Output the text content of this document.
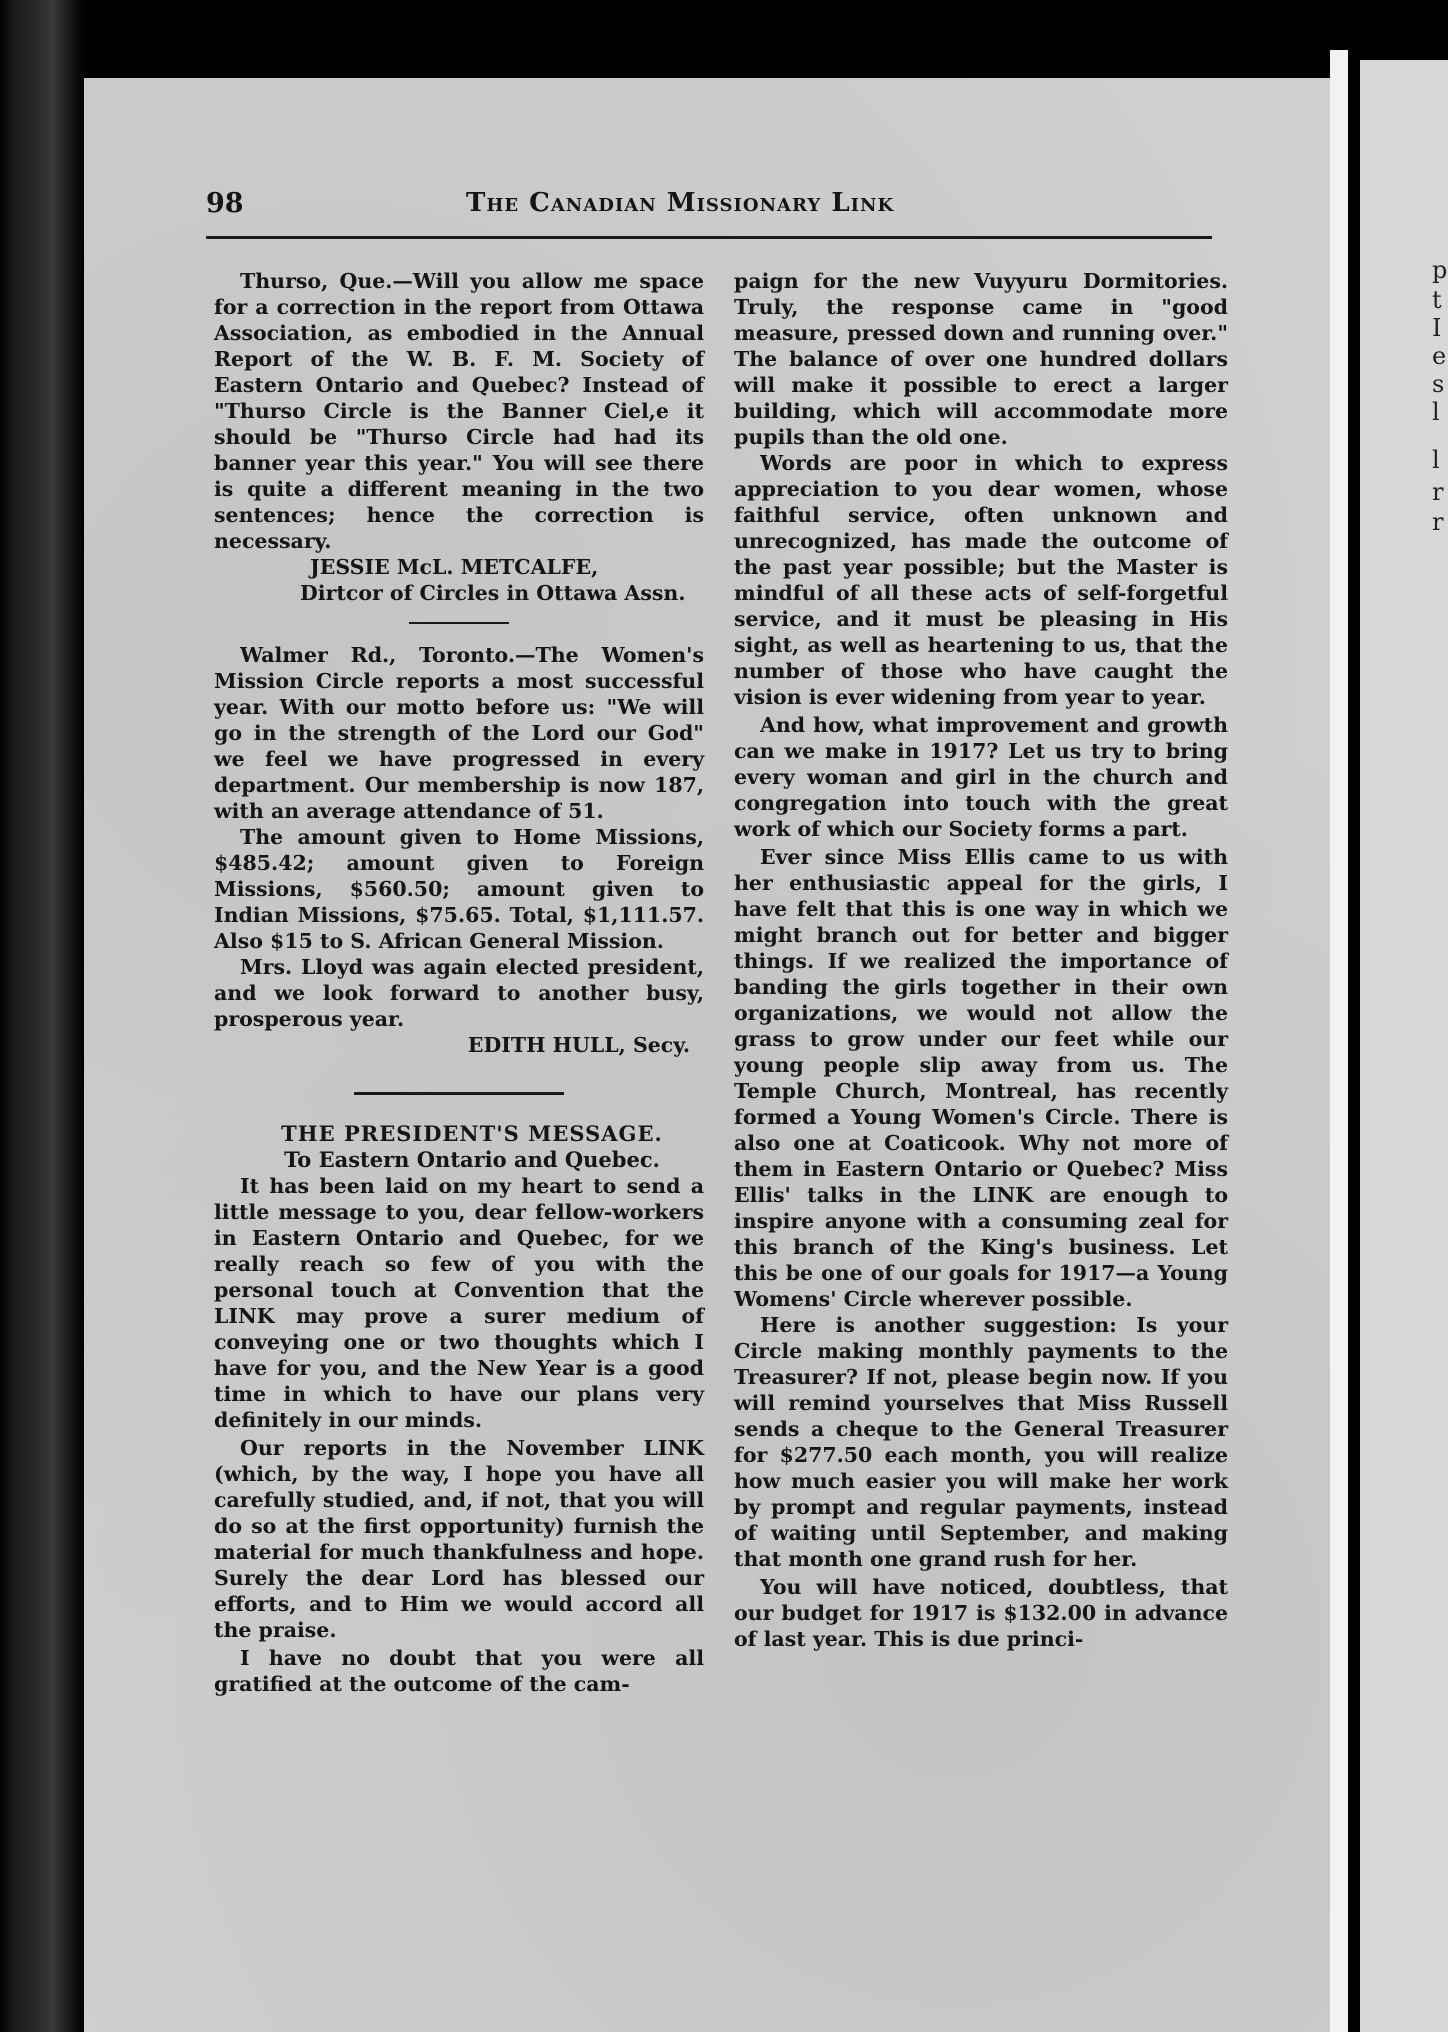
p
t
I
e
s
l
l
r
r
98	The Canadian Missionary Link

Thurso, Que.—Will you allow me space for a correction in the report from Ottawa Association, as embodied in the Annual Report of the W. B. F. M. Society of Eastern Ontario and Quebec? Instead of "Thurso Circle is the Banner Ciel,e it should be "Thurso Circle had had its banner year this year." You will see there is quite a different meaning in the two sentences; hence the correction is necessary.

JESSIE McL. METCALFE,

Dirtcor of Circles in Ottawa Assn.

Walmer Rd., Toronto.—The Women's Mission Circle reports a most successful year. With our motto before us: "We will go in the strength of the Lord our God" we feel we have progressed in every department. Our membership is now 187, with an average attendance of 51.

The amount given to Home Missions, $485.42; amount given to Foreign Missions, $560.50; amount given to Indian Missions, $75.65. Total, $1,111.57. Also $15 to S. African General Mission.

Mrs. Lloyd was again elected president, and we look forward to another busy, prosperous year.

EDITH HULL, Secy.

THE PRESIDENT'S MESSAGE.

To Eastern Ontario and Quebec.

It has been laid on my heart to send a little message to you, dear fellow-workers in Eastern Ontario and Quebec, for we really reach so few of you with the personal touch at Convention that the LINK may prove a surer medium of conveying one or two thoughts which I have for you, and the New Year is a good time in which to have our plans very definitely in our minds.

Our reports in the November LINK (which, by the way, I hope you have all carefully studied, and, if not, that you will do so at the first opportunity) furnish the material for much thankfulness and hope. Surely the dear Lord has blessed our efforts, and to Him we would accord all the praise.

I have no doubt that you were all gratified at the outcome of the cam-

paign for the new Vuyyuru Dormitories. Truly, the response came in "good measure, pressed down and running over." The balance of over one hundred dollars will make it possible to erect a larger building, which will accommodate more pupils than the old one.

Words are poor in which to express appreciation to you dear women, whose faithful service, often unknown and unrecognized, has made the outcome of the past year possible; but the Master is mindful of all these acts of self-forgetful service, and it must be pleasing in His sight, as well as heartening to us, that the number of those who have caught the vision is ever widening from year to year.

And how, what improvement and growth can we make in 1917? Let us try to bring every woman and girl in the church and congregation into touch with the great work of which our Society forms a part.

Ever since Miss Ellis came to us with her enthusiastic appeal for the girls, I have felt that this is one way in which we might branch out for better and bigger things. If we realized the importance of banding the girls together in their own organizations, we would not allow the grass to grow under our feet while our young people slip away from us. The Temple Church, Montreal, has recently formed a Young Women's Circle. There is also one at Coaticook. Why not more of them in Eastern Ontario or Quebec? Miss Ellis' talks in the LINK are enough to inspire anyone with a consuming zeal for this branch of the King's business. Let this be one of our goals for 1917—a Young Womens' Circle wherever possible.

Here is another suggestion: Is your Circle making monthly payments to the Treasurer? If not, please begin now. If you will remind yourselves that Miss Russell sends a cheque to the General Treasurer for $277.50 each month, you will realize how much easier you will make her work by prompt and regular payments, instead of waiting until September, and making that month one grand rush for her.

You will have noticed, doubtless, that our budget for 1917 is $132.00 in advance of last year. This is due princi-
